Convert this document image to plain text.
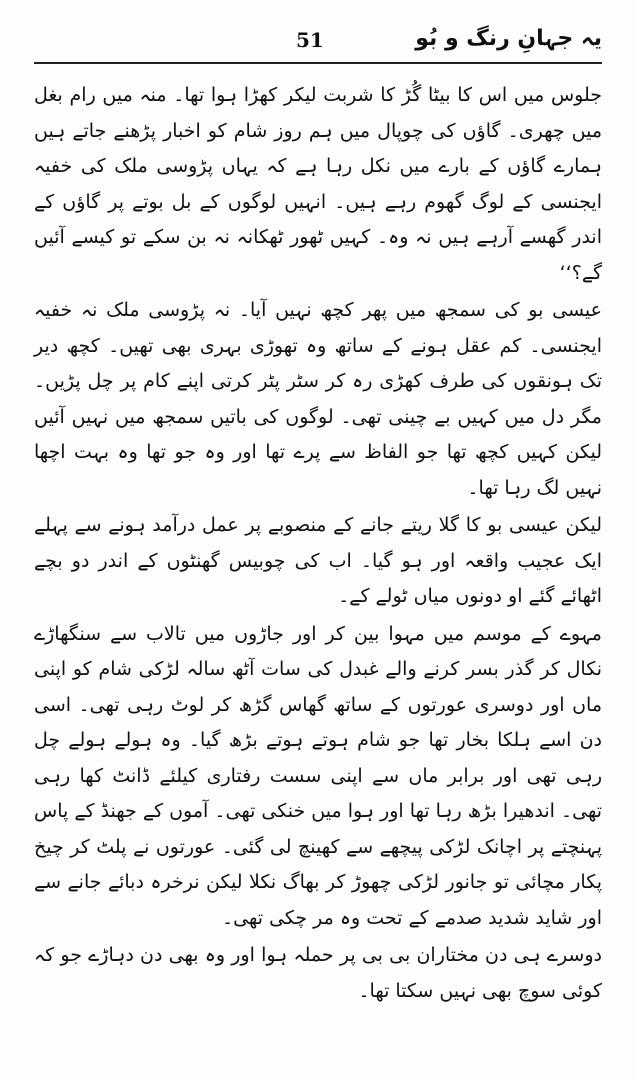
یہ جہانِ رنگ و بُو
51

جلوس میں اس کا بیٹا گُڑ کا شربت لیکر کھڑا ہوا تھا۔ منہ میں رام بغل میں چھری۔ گاؤں کی چوپال میں ہم روز شام کو اخبار پڑھنے جاتے ہیں ہمارے گاؤں کے بارے میں نکل رہا ہے کہ یہاں پڑوسی ملک کی خفیہ ایجنسی کے لوگ گھوم رہے ہیں۔ انہیں لوگوں کے بل بوتے پر گاؤں کے اندر گھسے آرہے ہیں نہ وہ۔ کہیں ٹھور ٹھکانہ نہ بن سکے تو کیسے آئیں گے؟‘‘

عیسی بو کی سمجھ میں پھر کچھ نہیں آیا۔ نہ پڑوسی ملک نہ خفیہ ایجنسی۔ کم عقل ہونے کے ساتھ وہ تھوڑی بہری بھی تھیں۔ کچھ دیر تک ہونقوں کی طرف کھڑی رہ کر سٹر پٹر کرتی اپنے کام پر چل پڑیں۔ مگر دل میں کہیں بے چینی تھی۔ لوگوں کی باتیں سمجھ میں نہیں آئیں لیکن کہیں کچھ تھا جو الفاظ سے پرے تھا اور وہ جو تھا وہ بہت اچھا نہیں لگ رہا تھا۔

لیکن عیسی بو کا گلا ریتے جانے کے منصوبے پر عمل درآمد ہونے سے پہلے ایک عجیب واقعہ اور ہو گیا۔ اب کی چوبیس گھنٹوں کے اندر دو بچے اٹھائے گئے او دونوں میاں ٹولے کے۔

مہوے کے موسم میں مہوا بین کر اور جاڑوں میں تالاب سے سنگھاڑے نکال کر گذر بسر کرنے والے غبدل کی سات آٹھ سالہ لڑکی شام کو اپنی ماں اور دوسری عورتوں کے ساتھ گھاس گڑھ کر لوٹ رہی تھی۔ اسی دن اسے ہلکا بخار تھا جو شام ہوتے ہوتے بڑھ گیا۔ وہ ہولے ہولے چل رہی تھی اور برابر ماں سے اپنی سست رفتاری کیلئے ڈانٹ کھا رہی تھی۔ اندھیرا بڑھ رہا تھا اور ہوا میں خنکی تھی۔ آموں کے جھنڈ کے پاس پہنچتے پر اچانک لڑکی پیچھے سے کھینچ لی گئی۔ عورتوں نے پلٹ کر چیخ پکار مچائی تو جانور لڑکی چھوڑ کر بھاگ نکلا لیکن نرخرہ دبائے جانے سے اور شاید شدید صدمے کے تحت وہ مر چکی تھی۔

دوسرے ہی دن مختاران بی بی پر حملہ ہوا اور وہ بھی دن دہاڑے جو کہ کوئی سوچ بھی نہیں سکتا تھا۔
